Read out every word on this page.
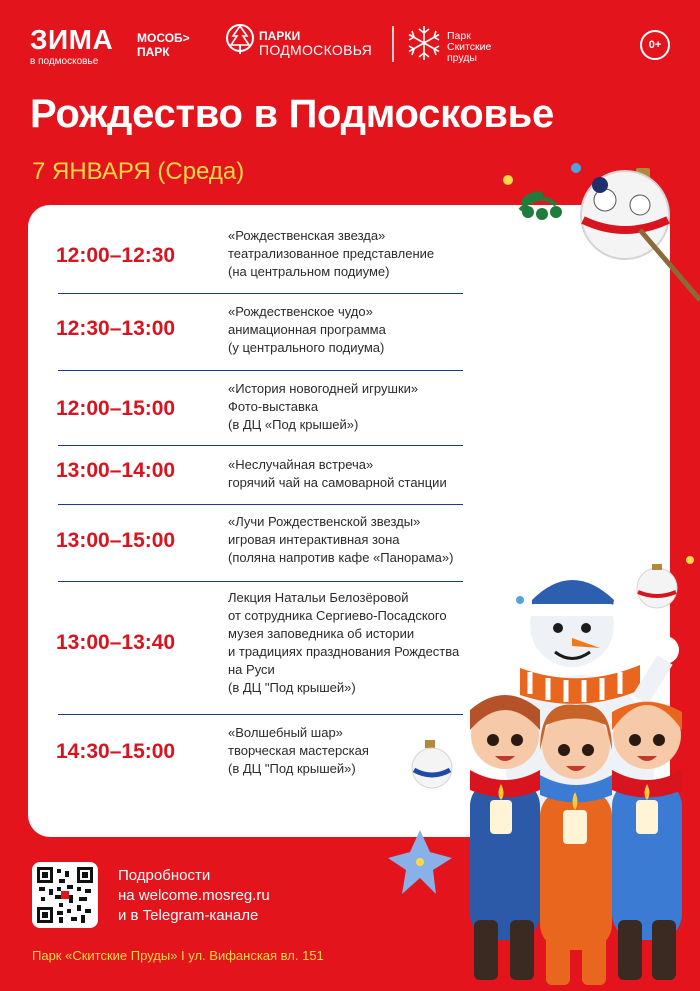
ЗИМА
в подмосковье
МОСОБ>
ПАРК
ПАРКИ
ПОДМОСКОВЬЯ
Парк
Скитские
пруды
0+
Рождество в Подмосковье
7 ЯНВАРЯ (Среда)
12:00–12:30
«Рождественская звезда»
театрализованное представление
(на центральном подиуме)
12:30–13:00
«Рождественское чудо»
анимационная программа
(у центрального подиума)
12:00–15:00
«История новогодней игрушки»
Фото-выставка
(в ДЦ «Под крышей»)
13:00–14:00	«Неслучайная встреча»
горячий чай на самоварной станции
13:00–15:00
«Лучи Рождественской звезды»
игровая интерактивная зона
(поляна напротив кафе «Панорама»)
13:00–13:40
Лекция Натальи Белозёровой
от сотрудника Сергиево-Посадского
музея заповедника об истории
и традициях празднования Рождества
на Руси
(в ДЦ "Под крышей»)
14:30–15:00
«Волшебный шар»
творческая мастерская
(в ДЦ "Под крышей»)
Подробности
на welcome.mosreg.ru
и в Telegram-канале
Парк «Скитские Пруды» I ул. Вифанская вл. 151
